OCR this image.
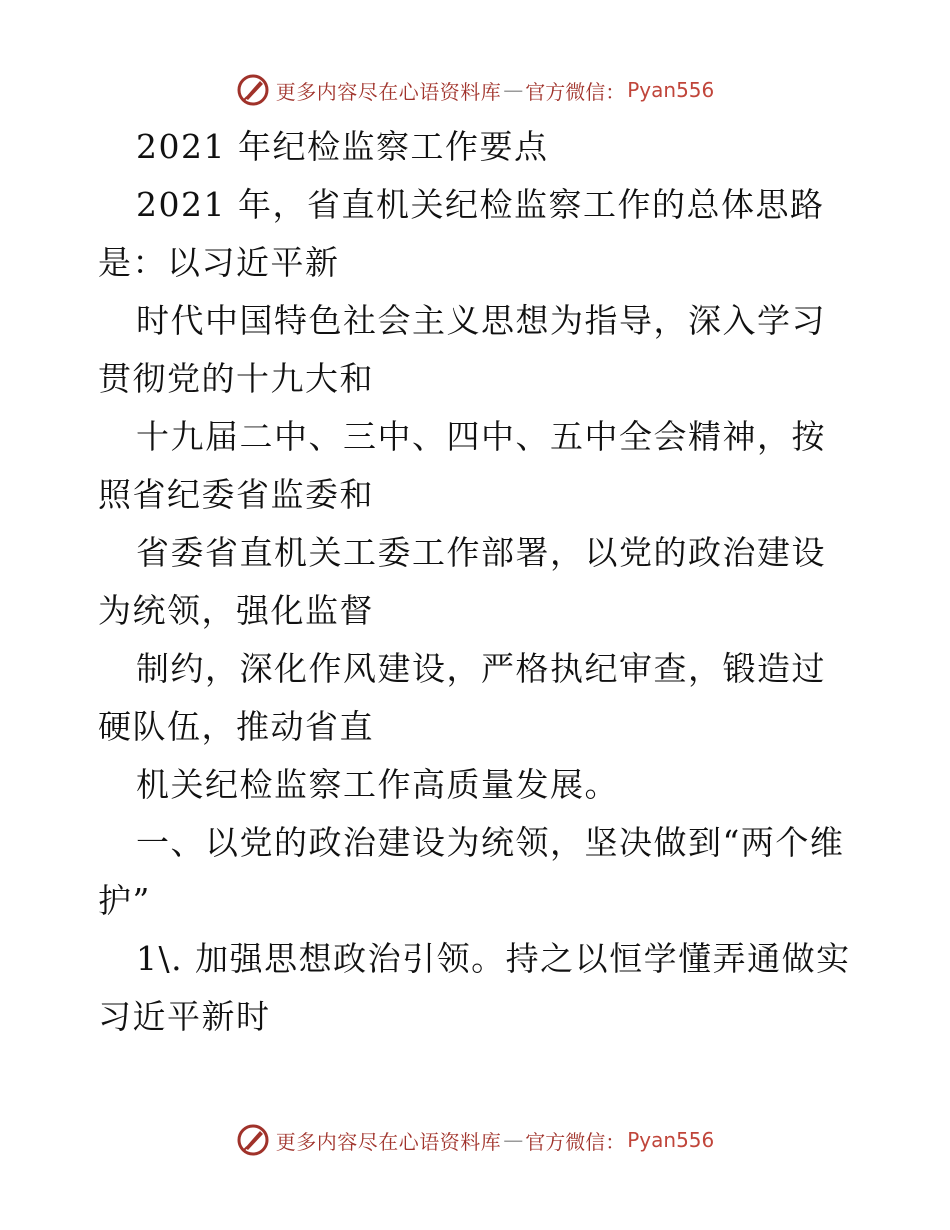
更多内容尽在心语资料库 — 官方微信： Pyan556

2021 年纪检监察工作要点

2021 年，省直机关纪检监察工作的总体思路是：以习近平新

时代中国特色社会主义思想为指导，深入学习贯彻党的十九大和

十九届二中、三中、四中、五中全会精神，按照省纪委省监委和

省委省直机关工委工作部署，以党的政治建设为统领，强化监督

制约，深化作风建设，严格执纪审查，锻造过硬队伍，推动省直

机关纪检监察工作高质量发展。

一、以党的政治建设为统领，坚决做到“两个维护”

1\. 加强思想政治引领。持之以恒学懂弄通做实习近平新时

更多内容尽在心语资料库 — 官方微信： Pyan556
